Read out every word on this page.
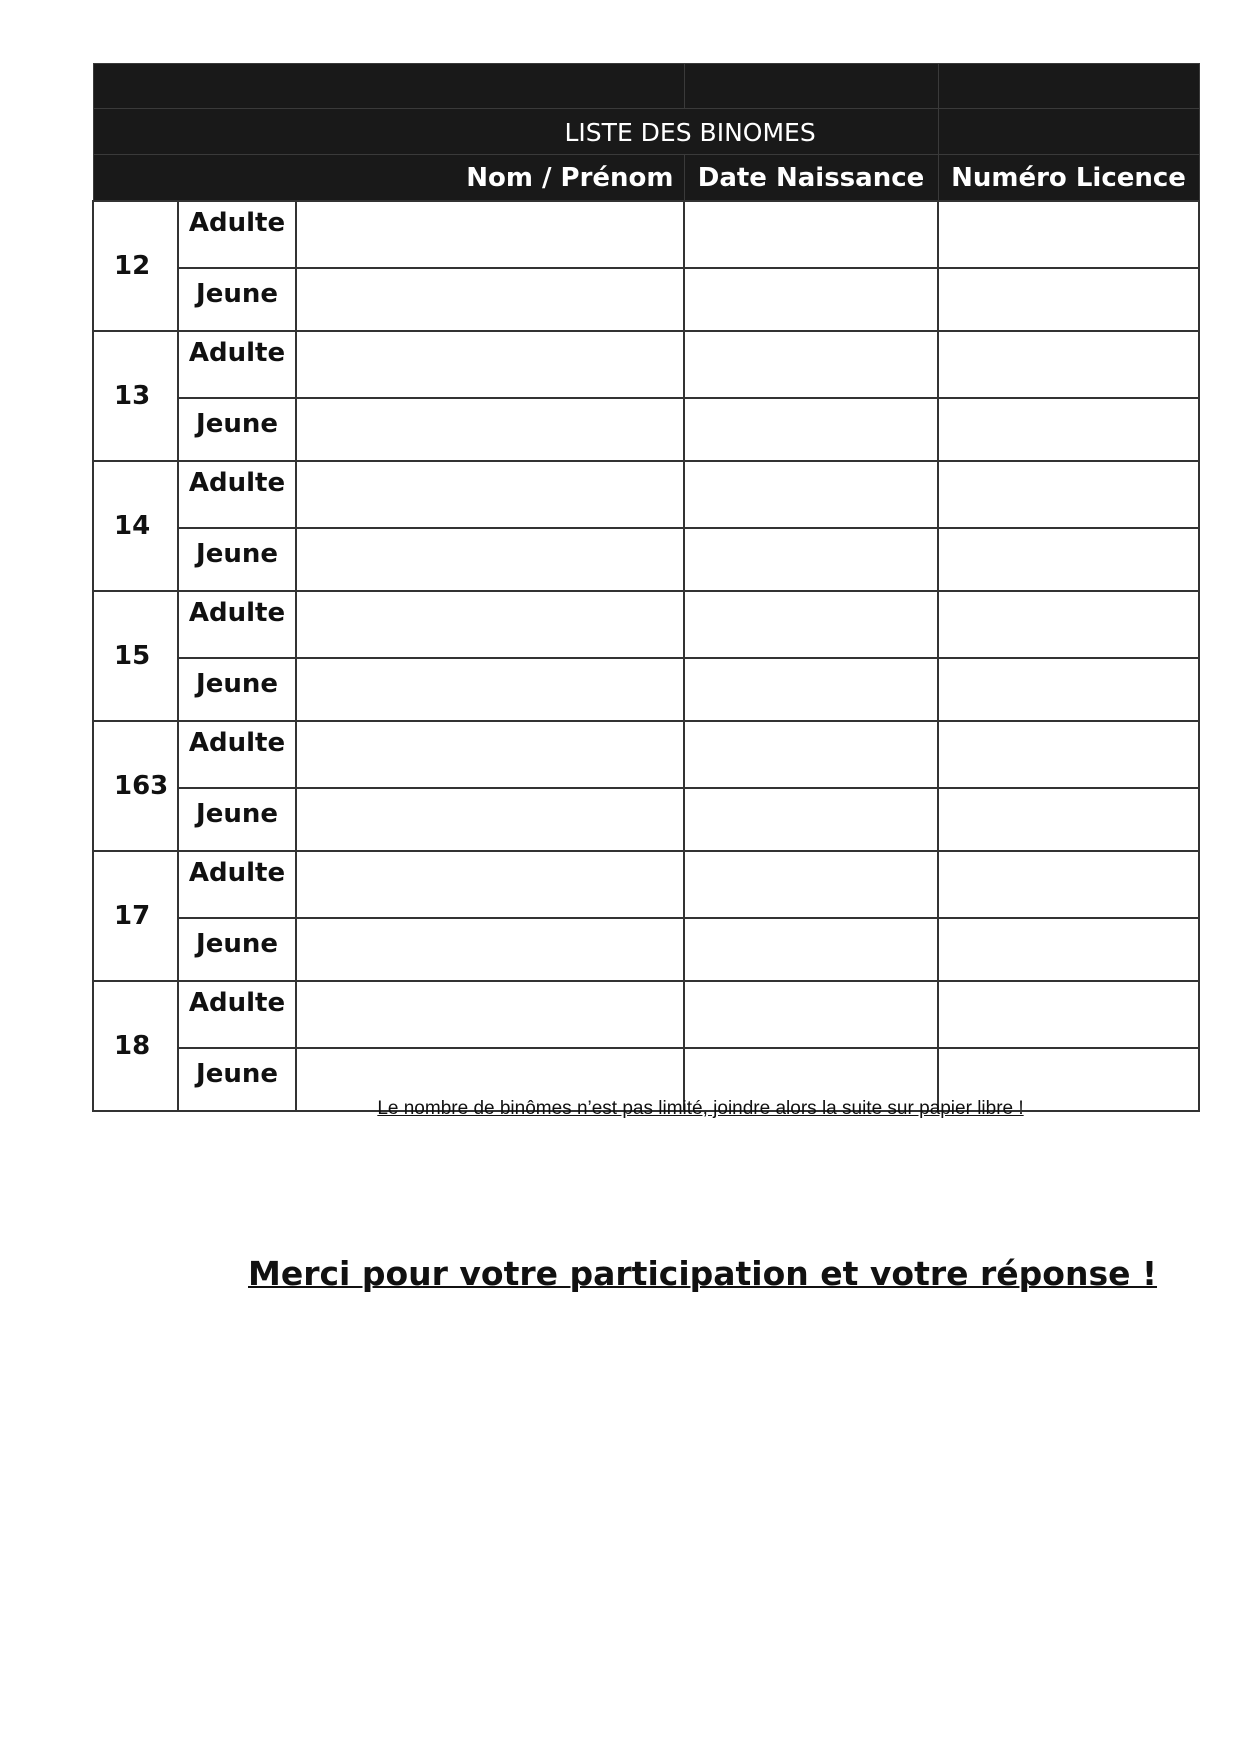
LISTE DES BINOMES				

Nom / Prénom			Date Naissance	Numéro Licence

12	Adulte			
	Jeune			
13	Adulte			
	Jeune			
14	Adulte			
	Jeune			
15	Adulte			
	Jeune			
163	Adulte			
	Jeune			
17	Adulte			
	Jeune			
18	Adulte			
	Jeune			
Le nombre de binômes n’est pas limité, joindre alors la suite sur papier libre !
Merci pour votre participation et votre réponse !
